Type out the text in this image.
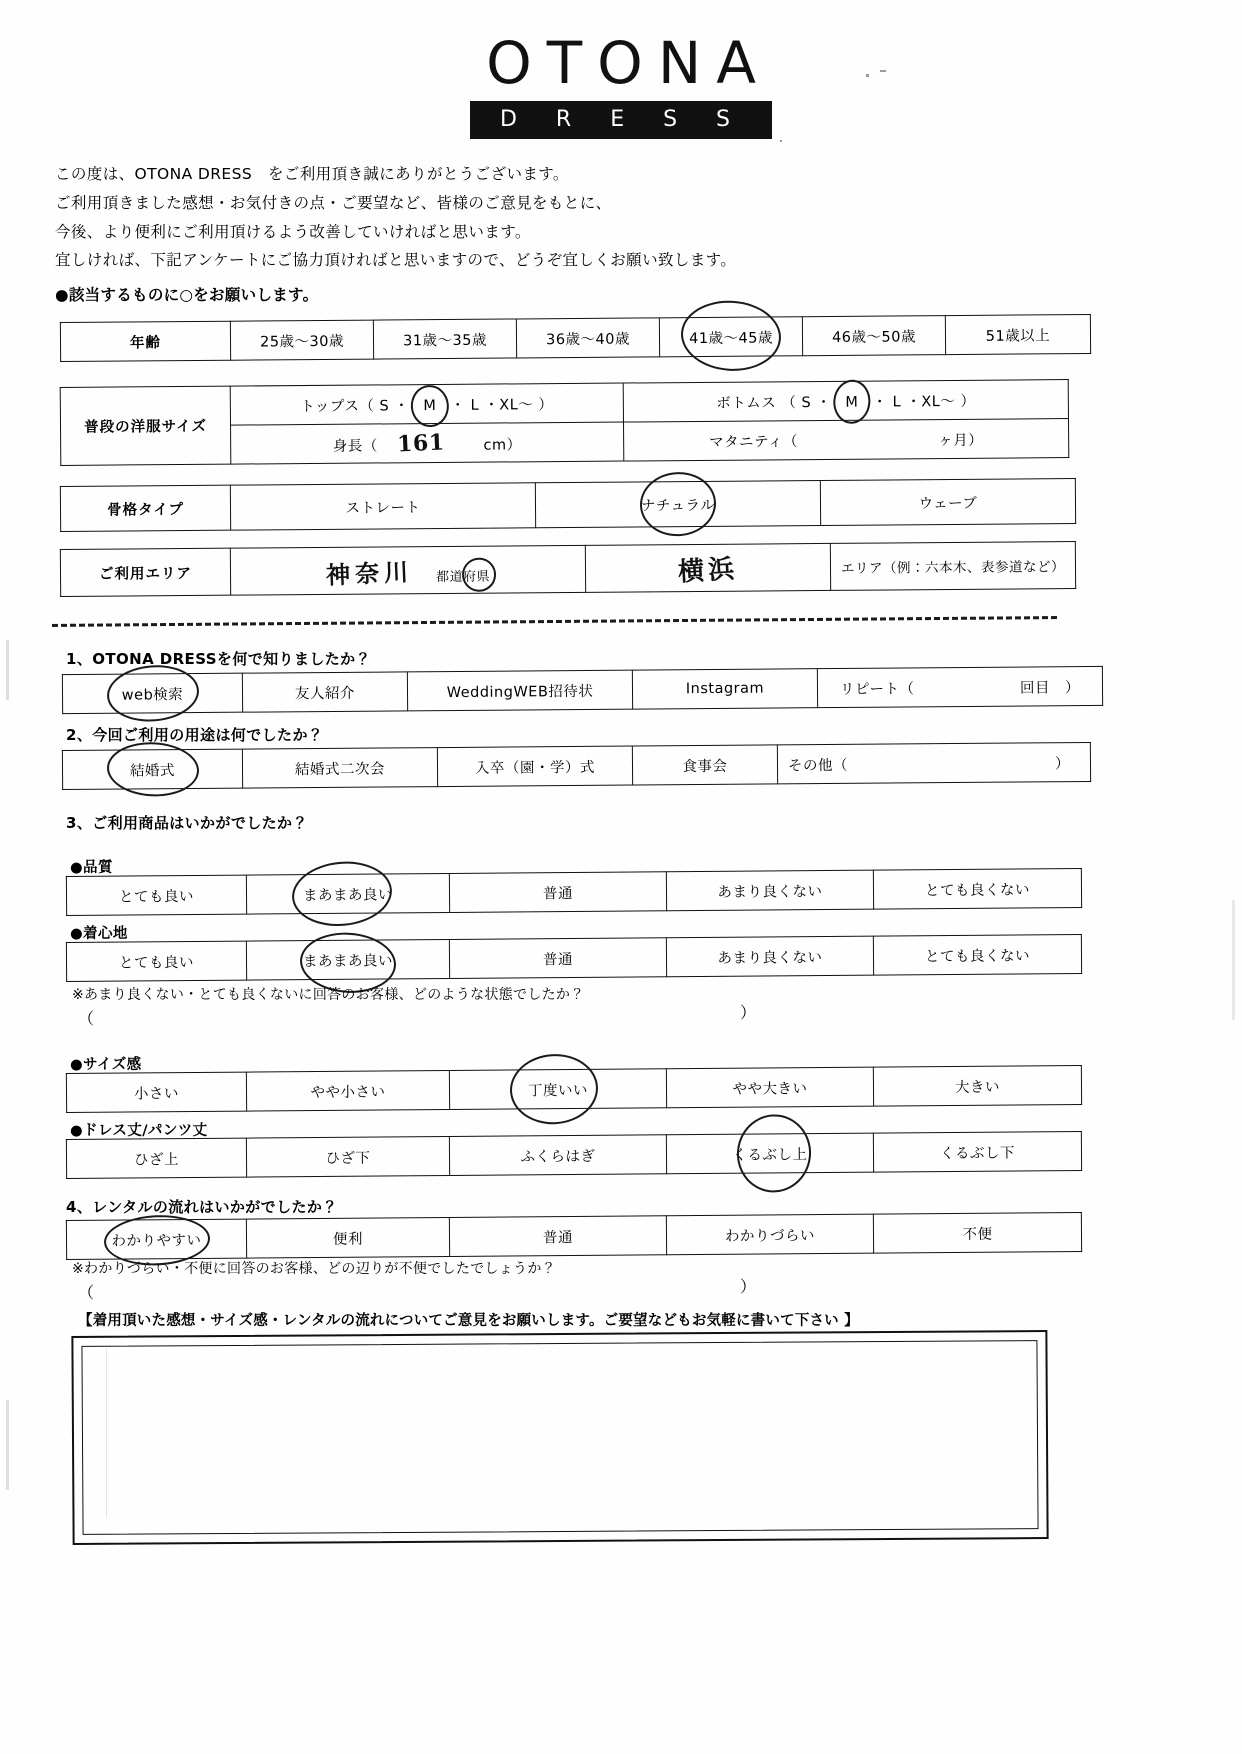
OTONA
D R E S S

この度は、OTONA DRESS　をご利用頂き誠にありがとうございます。

ご利用頂きました感想・お気付きの点・ご要望など、皆様のご意見をもとに、

今後、より便利にご利用頂けるよう改善していければと思います。

宜しければ、下記アンケートにご協力頂ければと思いますので、どうぞ宜しくお願い致します。

●該当するものに○をお願いします。
年齢	25歳～30歳	31歳～35歳	36歳～40歳	41歳～45歳	46歳～50歳	51歳以上
普段の洋服サイズ	トップス（ S ・ M ・ L ・XL～ ）	ボトムス （ S ・ M ・ L ・XL～ ）
	身長（ 161 cm）	マタニティ（ ヶ月）
骨格タイプ	ストレート	ナチュラル	ウェーブ
ご利用エリア	神奈川 都道府県	横浜	エリア（例：六本木、表参道など）
1、OTONA DRESSを何で知りましたか？
web検索	友人紹介	WeddingWEB招待状	Instagram	リピート（	回目　）
2、今回ご利用の用途は何でしたか？
結婚式	結婚式二次会	入卒（園・学）式	食事会	その他（	）
3、ご利用商品はいかがでしたか？
●品質
とても良い	まあまあ良い	普通	あまり良くない	とても良くない
●着心地
とても良い	まあまあ良い	普通	あまり良くない	とても良くない
※あまり良くない・とても良くないに回答のお客様、どのような状態でしたか？
（	）
●サイズ感
小さい	やや小さい	丁度いい	やや大きい	大きい
●ドレス丈/パンツ丈
ひざ上	ひざ下	ふくらはぎ	くるぶし上	くるぶし下
4、レンタルの流れはいかがでしたか？
わかりやすい	便利	普通	わかりづらい	不便
※わかりづらい・不便に回答のお客様、どの辺りが不便でしたでしょうか？
（	）
【着用頂いた感想・サイズ感・レンタルの流れについてご意見をお願いします。ご要望などもお気軽に書いて下さい 】
